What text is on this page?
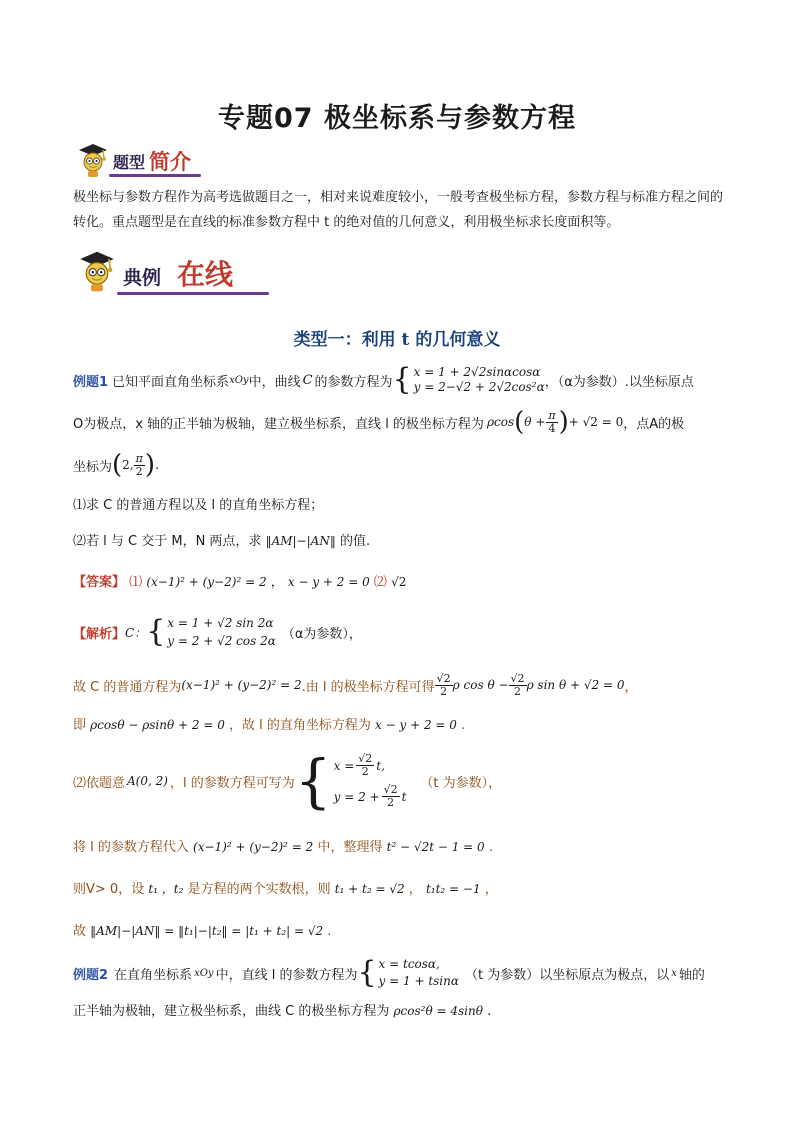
专题07 极坐标系与参数方程
题型 简介
极坐标与参数方程作为高考选做题目之一，相对来说难度较小，一般考查极坐标方程，参数方程与标准方程之间的转化。重点题型是在直线的标准参数方程中 t 的绝对值的几何意义，利用极坐标求长度面积等。
典例 在线
类型一：利用 t 的几何意义
例题1 已知平面直角坐标系 xOy 中，曲线 C 的参数方程为 { x = 1 + 2√2sinαcosα
y = 2−√2 + 2√2cos²α ，（α为参数）.以坐标原点
O为极点，x 轴的正半轴为极轴，建立极坐标系，直线 l 的极坐标方程为 ρcos ( $\theta + \frac{\pi}{4}$ ) + √2 = 0 ，点A的极
坐标为 ( 2, $\frac{\pi}{2}$ ) .
⑴求 C 的普通方程以及 l 的直角坐标方程；
⑵若 l 与 C 交于 M，N 两点，求 ‖AM|−|AN‖ 的值.
【答案】 ⑴ (x−1)² + (y−2)² = 2 ， x − y + 2 = 0 ⑵ √2
【解析】 C： { x = 1 + √2 sin 2α
y = 2 + √2 cos 2α （α为参数），
故 C 的普通方程为 (x−1)² + (y−2)² = 2 .由 l 的极坐标方程可得 $\frac{√2}{2}$ ρ $\cos \theta - \frac{√2}{2}$ ρ sin θ + √2 = 0 ，
即 ρcosθ − ρsinθ + 2 = 0 ，故 l 的直角坐标方程为 x − y + 2 = 0 .
⑵依题意 A(0, 2) ，l 的参数方程可写为 { $x = \frac{√2}{2} t$,
$y = 2 + \frac{√2}{2}$ t
（t 为参数），
将 l 的参数方程代入 (x−1)² + (y−2)² = 2 中，整理得 t² − √2t − 1 = 0 .
则V> 0，设 t₁ ，t₂ 是方程的两个实数根，则 t₁ + t₂ = √2 ， t₁t₂ = −1 ，
故 ‖AM|−|AN‖ = ‖t₁|−|t₂‖ = |t₁ + t₂| = √2 .
例题2 在直角坐标系 xOy 中，直线 l 的参数方程为 { x = tcosα,
y = 1 + tsinα （t 为参数）以坐标原点为极点，以 x 轴的
正半轴为极轴，建立极坐标系，曲线 C 的极坐标方程为 ρcos²θ = 4sinθ .
